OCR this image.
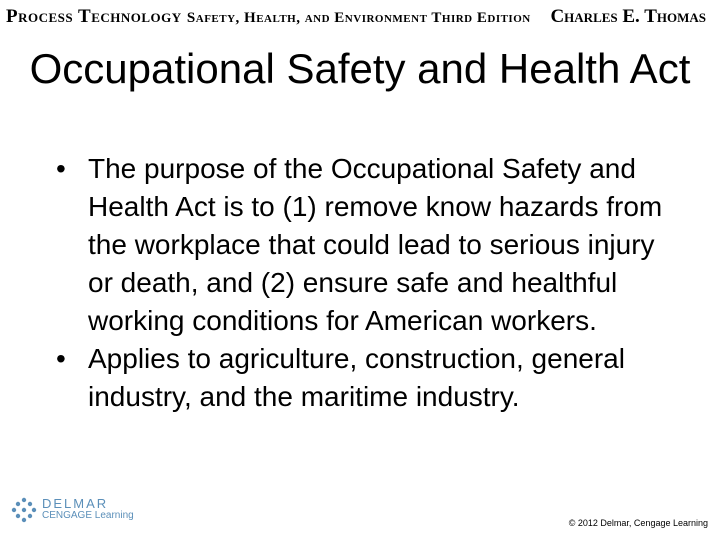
Process Technology Safety, Health, and Environment Third Edition Charles E. Thomas
Occupational Safety and Health Act
• The purpose of the Occupational Safety and Health Act is to (1) remove know hazards from the workplace that could lead to serious injury or death, and (2) ensure safe and healthful working conditions for American workers.
• Applies to agriculture, construction, general industry, and the maritime industry.
DELMAR
CENGAGE Learning
© 2012 Delmar, Cengage Learning
